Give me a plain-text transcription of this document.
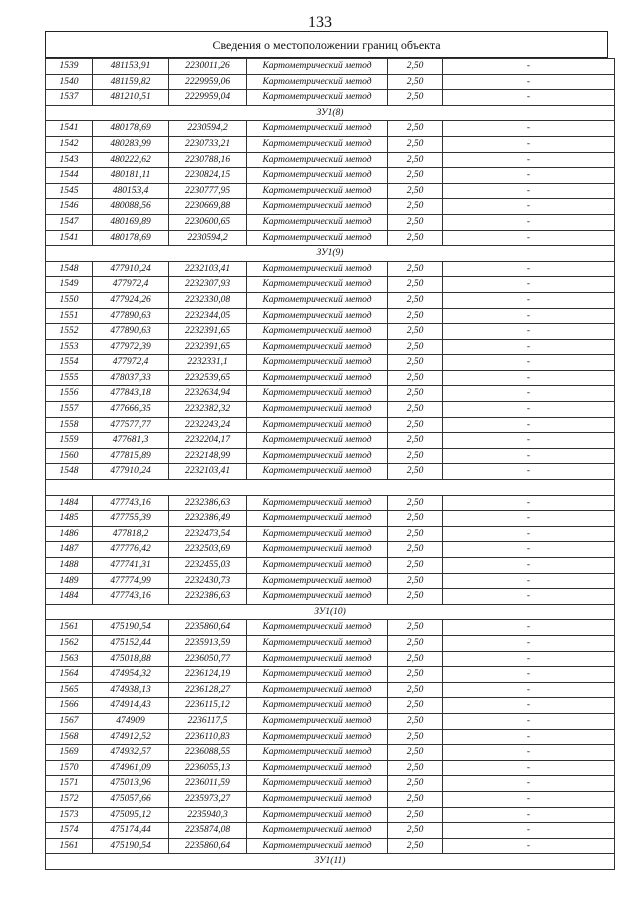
133
Сведения о местоположении границ объекта
1539	481153,91	2230011,26	Картометрический метод	2,50	-
1540	481159,82	2229959,06	Картометрический метод	2,50	-
1537	481210,51	2229959,04	Картометрический метод	2,50	-
ЗУ1(8)					
1541	480178,69	2230594,2	Картометрический метод	2,50	-
1542	480283,99	2230733,21	Картометрический метод	2,50	-
1543	480222,62	2230788,16	Картометрический метод	2,50	-
1544	480181,11	2230824,15	Картометрический метод	2,50	-
1545	480153,4	2230777,95	Картометрический метод	2,50	-
1546	480088,56	2230669,88	Картометрический метод	2,50	-
1547	480169,89	2230600,65	Картометрический метод	2,50	-
1541	480178,69	2230594,2	Картометрический метод	2,50	-
ЗУ1(9)					
1548	477910,24	2232103,41	Картометрический метод	2,50	-
1549	477972,4	2232307,93	Картометрический метод	2,50	-
1550	477924,26	2232330,08	Картометрический метод	2,50	-
1551	477890,63	2232344,05	Картометрический метод	2,50	-
1552	477890,63	2232391,65	Картометрический метод	2,50	-
1553	477972,39	2232391,65	Картометрический метод	2,50	-
1554	477972,4	2232331,1	Картометрический метод	2,50	-
1555	478037,33	2232539,65	Картометрический метод	2,50	-
1556	477843,18	2232634,94	Картометрический метод	2,50	-
1557	477666,35	2232382,32	Картометрический метод	2,50	-
1558	477577,77	2232243,24	Картометрический метод	2,50	-
1559	477681,3	2232204,17	Картометрический метод	2,50	-
1560	477815,89	2232148,99	Картометрический метод	2,50	-
1548	477910,24	2232103,41	Картометрический метод	2,50	-

1484	477743,16	2232386,63	Картометрический метод	2,50	-
1485	477755,39	2232386,49	Картометрический метод	2,50	-
1486	477818,2	2232473,54	Картометрический метод	2,50	-
1487	477776,42	2232503,69	Картометрический метод	2,50	-
1488	477741,31	2232455,03	Картометрический метод	2,50	-
1489	477774,99	2232430,73	Картометрический метод	2,50	-
1484	477743,16	2232386,63	Картометрический метод	2,50	-
ЗУ1(10)					
1561	475190,54	2235860,64	Картометрический метод	2,50	-
1562	475152,44	2235913,59	Картометрический метод	2,50	-
1563	475018,88	2236050,77	Картометрический метод	2,50	-
1564	474954,32	2236124,19	Картометрический метод	2,50	-
1565	474938,13	2236128,27	Картометрический метод	2,50	-
1566	474914,43	2236115,12	Картометрический метод	2,50	-
1567	474909	2236117,5	Картометрический метод	2,50	-
1568	474912,52	2236110,83	Картометрический метод	2,50	-
1569	474932,57	2236088,55	Картометрический метод	2,50	-
1570	474961,09	2236055,13	Картометрический метод	2,50	-
1571	475013,96	2236011,59	Картометрический метод	2,50	-
1572	475057,66	2235973,27	Картометрический метод	2,50	-
1573	475095,12	2235940,3	Картометрический метод	2,50	-
1574	475174,44	2235874,08	Картометрический метод	2,50	-
1561	475190,54	2235860,64	Картометрический метод	2,50	-
ЗУ1(11)					
